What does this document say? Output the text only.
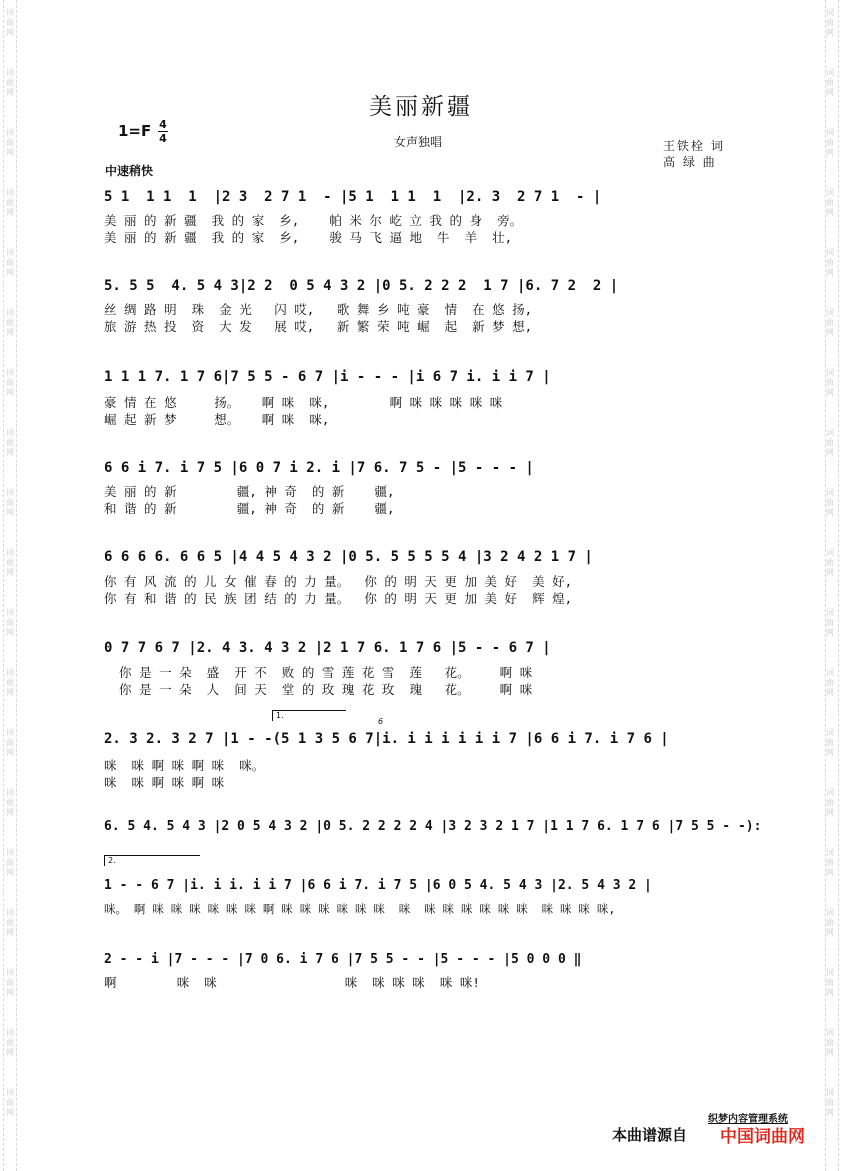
词
曲
网
词
曲
网
词
曲
网
词
曲
网
词
曲
网
词
曲
网
词
曲
网
词
曲
网
词
曲
网
词
曲
网
词
曲
网
词
曲
网
词
曲
网
词
曲
网
词
曲
网
词
曲
网
词
曲
网
词
曲
网
词
曲
网
词
曲
网
词
曲
网
词
曲
网
词
曲
网
词
曲
网
词
曲
网
词
曲
网
词
曲
网
词
曲
网
词
曲
网
词
曲
网
词
曲
网
词
曲
网
词
曲
网
词
曲
网
词
曲
网
词
曲
网
词
曲
网
词
曲
网
美丽新疆
1=F 4
4	女声独唱	王铁栓 词
高 绿 曲
中速稍快
5 1  1 1  1  |2 3  2 7 1  - |5 1  1 1  1  |2. 3  2 7 1  - |
美 丽 的 新 疆  我 的 家  乡,    帕 米 尔 屹 立 我 的 身  旁。
美 丽 的 新 疆  我 的 家  乡,    骏 马 飞 逼 地  牛  羊  壮,
5. 5 5  4. 5 4 3|2 2  0 5 4 3 2 |0 5. 2 2 2  1 7 |6. 7 2  2 |
丝 绸 路 明  珠  金 光   闪 哎,   歌 舞 乡 吨 豪  情  在 悠 扬,
旅 游 热 投  资  大 发   展 哎,   新 繁 荣 吨 崛  起  新 梦 想,
1 1 1 7. 1 7 6|7 5 5 - 6 7 |i - - - |i 6 7 i. i i 7 |
豪 情 在 悠     扬。   啊 咪  咪,        啊 咪 咪 咪 咪 咪
崛 起 新 梦     想。   啊 咪  咪,
6 6 i 7. i 7 5 |6 0 7 i 2. i |7 6. 7 5 - |5 - - - |
美 丽 的 新        疆, 神 奇  的 新    疆,
和 谐 的 新        疆, 神 奇  的 新    疆,
6 6 6 6. 6 6 5 |4 4 5 4 3 2 |0 5. 5 5 5 5 4 |3 2 4 2 1 7 |
你 有 风 流 的 儿 女 催 春 的 力 量。  你 的 明 天 更 加 美 好  美 好,
你 有 和 谐 的 民 族 团 结 的 力 量。  你 的 明 天 更 加 美 好  辉 煌,
0 7 7 6 7 |2. 4 3. 4 3 2 |2 1 7 6. 1 7 6 |5 - - 6 7 |
你 是 一 朵  盛  开 不  败 的 雪 莲 花 雪  莲   花。    啊 咪
你 是 一 朵  人  间 天  堂 的 玫 瑰 花 玫  瑰   花。    啊 咪
1.
6
2. 3 2. 3 2 7 |1 - -(5 1 3 5 6 7|i. i i i i i i 7 |6 6 i 7. i 7 6 |
咪  咪 啊 咪 啊 咪  咪。
咪  咪 啊 咪 啊 咪
6. 5 4. 5 4 3 |2 0 5 4 3 2 |0 5. 2 2 2 2 4 |3 2 3 2 1 7 |1 1 7 6. 1 7 6 |7 5 5 - -):
2.
1 - - 6 7 |i. i i. i i 7 |6 6 i 7. i 7 5 |6 0 5 4. 5 4 3 |2. 5 4 3 2 |
咪。 啊 咪 咪 咪 咪 咪 咪 啊 咪 咪 咪 咪 咪 咪  咪  咪 咪 咪 咪 咪 咪  咪 咪 咪 咪,
2 - - i |7 - - - |7 0 6. i 7 6 |7 5 5 - - |5 - - - |5 0 0 0 ‖
啊        咪  咪                 咪  咪 咪 咪  咪 咪!
织梦内容管理系统
本曲谱源自 中国词曲网
